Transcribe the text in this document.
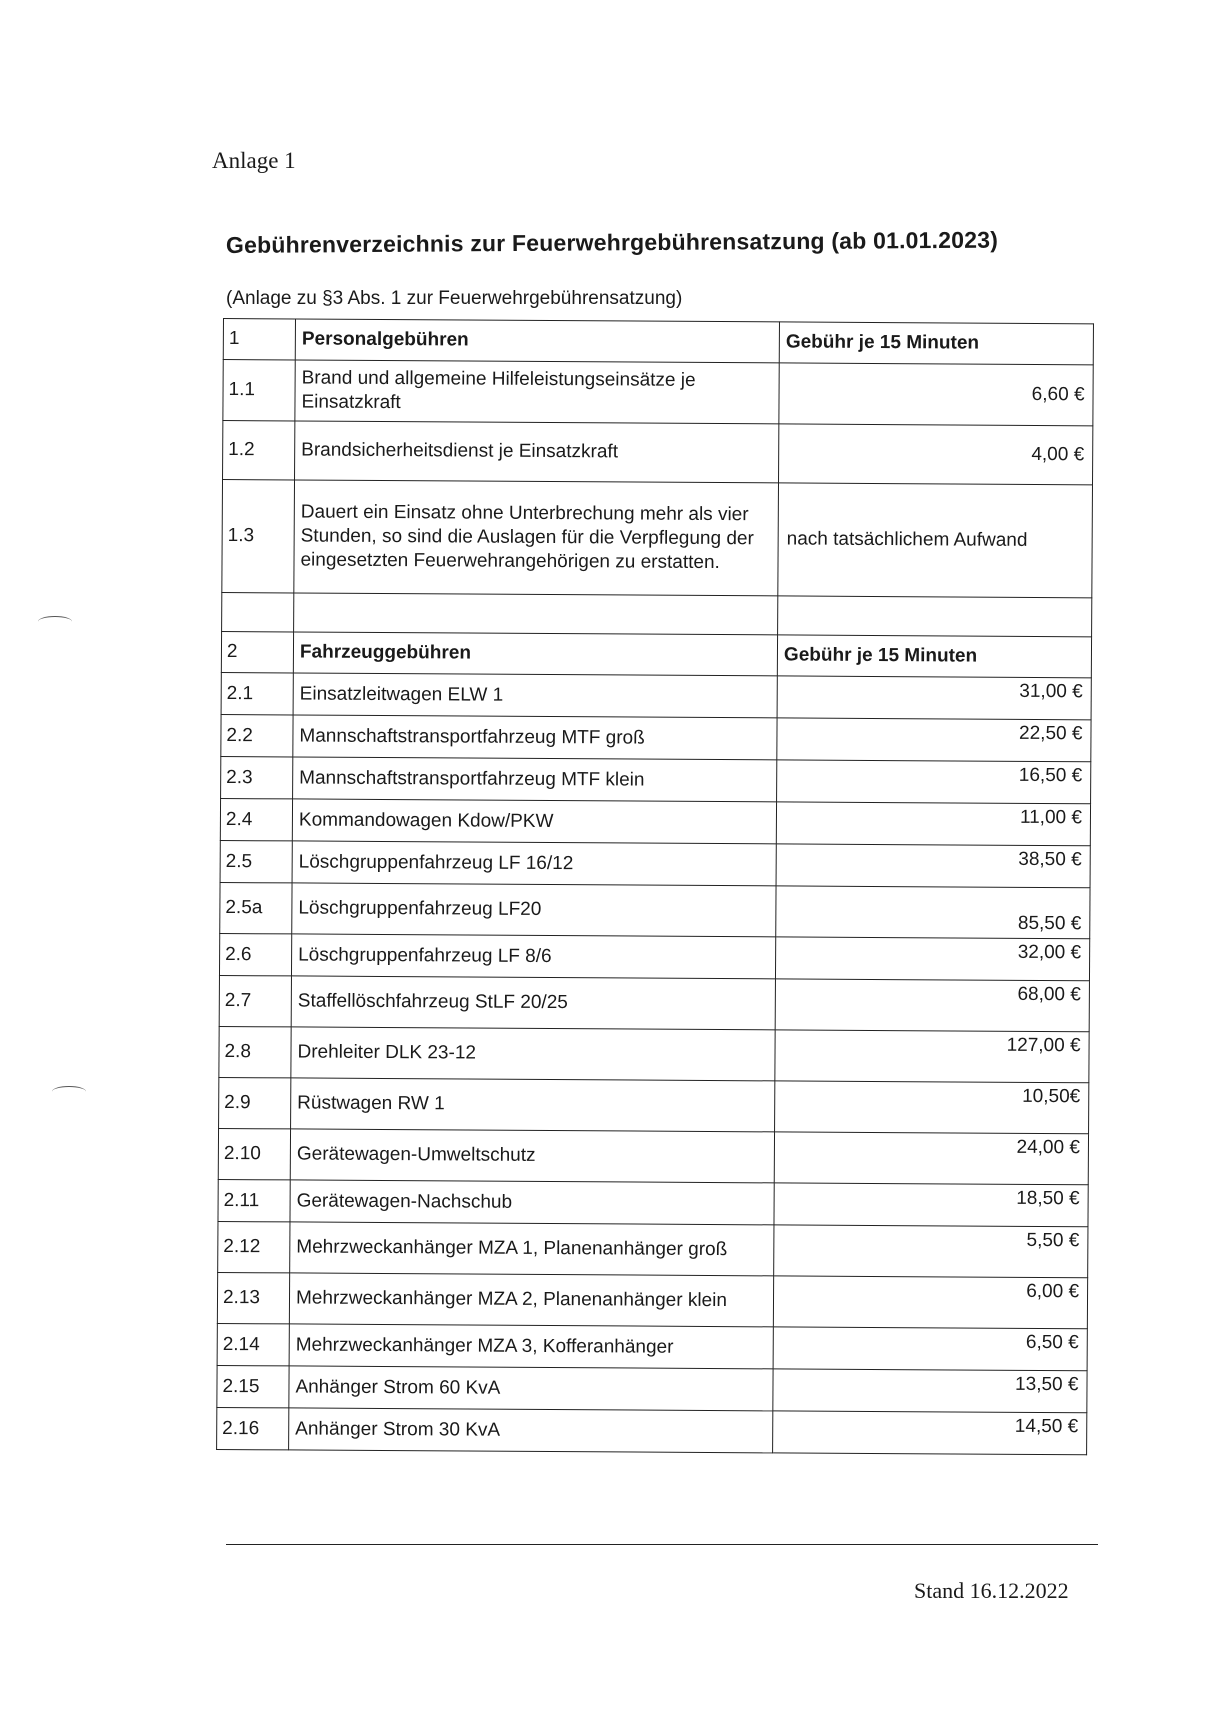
Anlage 1
Gebührenverzeichnis zur Feuerwehrgebührensatzung (ab 01.01.2023)
(Anlage zu §3 Abs. 1 zur Feuerwehrgebührensatzung)
1	Personalgebühren	Gebühr je 15 Minuten
1.1	Brand und allgemeine Hilfeleistungseinsätze je Einsatzkraft	6,60 €
1.2	Brandsicherheitsdienst je Einsatzkraft	4,00 €
1.3	Dauert ein Einsatz ohne Unterbrechung mehr als vier Stunden, so sind die Auslagen für die Verpflegung der eingesetzten Feuerwehrangehörigen zu erstatten.	nach tatsächlichem Aufwand

2	Fahrzeuggebühren	Gebühr je 15 Minuten
2.1	Einsatzleitwagen ELW 1	31,00 €
2.2	Mannschaftstransportfahrzeug MTF groß	22,50 €
2.3	Mannschaftstransportfahrzeug MTF klein	16,50 €
2.4	Kommandowagen Kdow/PKW	11,00 €
2.5	Löschgruppenfahrzeug LF 16/12	38,50 €
2.5a	Löschgruppenfahrzeug LF20	85,50 €
2.6	Löschgruppenfahrzeug LF 8/6	32,00 €
2.7	Staffellöschfahrzeug StLF 20/25	68,00 €
2.8	Drehleiter DLK 23-12	127,00 €
2.9	Rüstwagen RW 1	10,50€
2.10	Gerätewagen-Umweltschutz	24,00 €
2.11	Gerätewagen-Nachschub	18,50 €
2.12	Mehrzweckanhänger MZA 1, Planenanhänger groß	5,50 €
2.13	Mehrzweckanhänger MZA 2, Planenanhänger klein	6,00 €
2.14	Mehrzweckanhänger MZA 3, Kofferanhänger	6,50 €
2.15	Anhänger Strom 60 KvA	13,50 €
2.16	Anhänger Strom 30 KvA	14,50 €
Stand 16.12.2022
